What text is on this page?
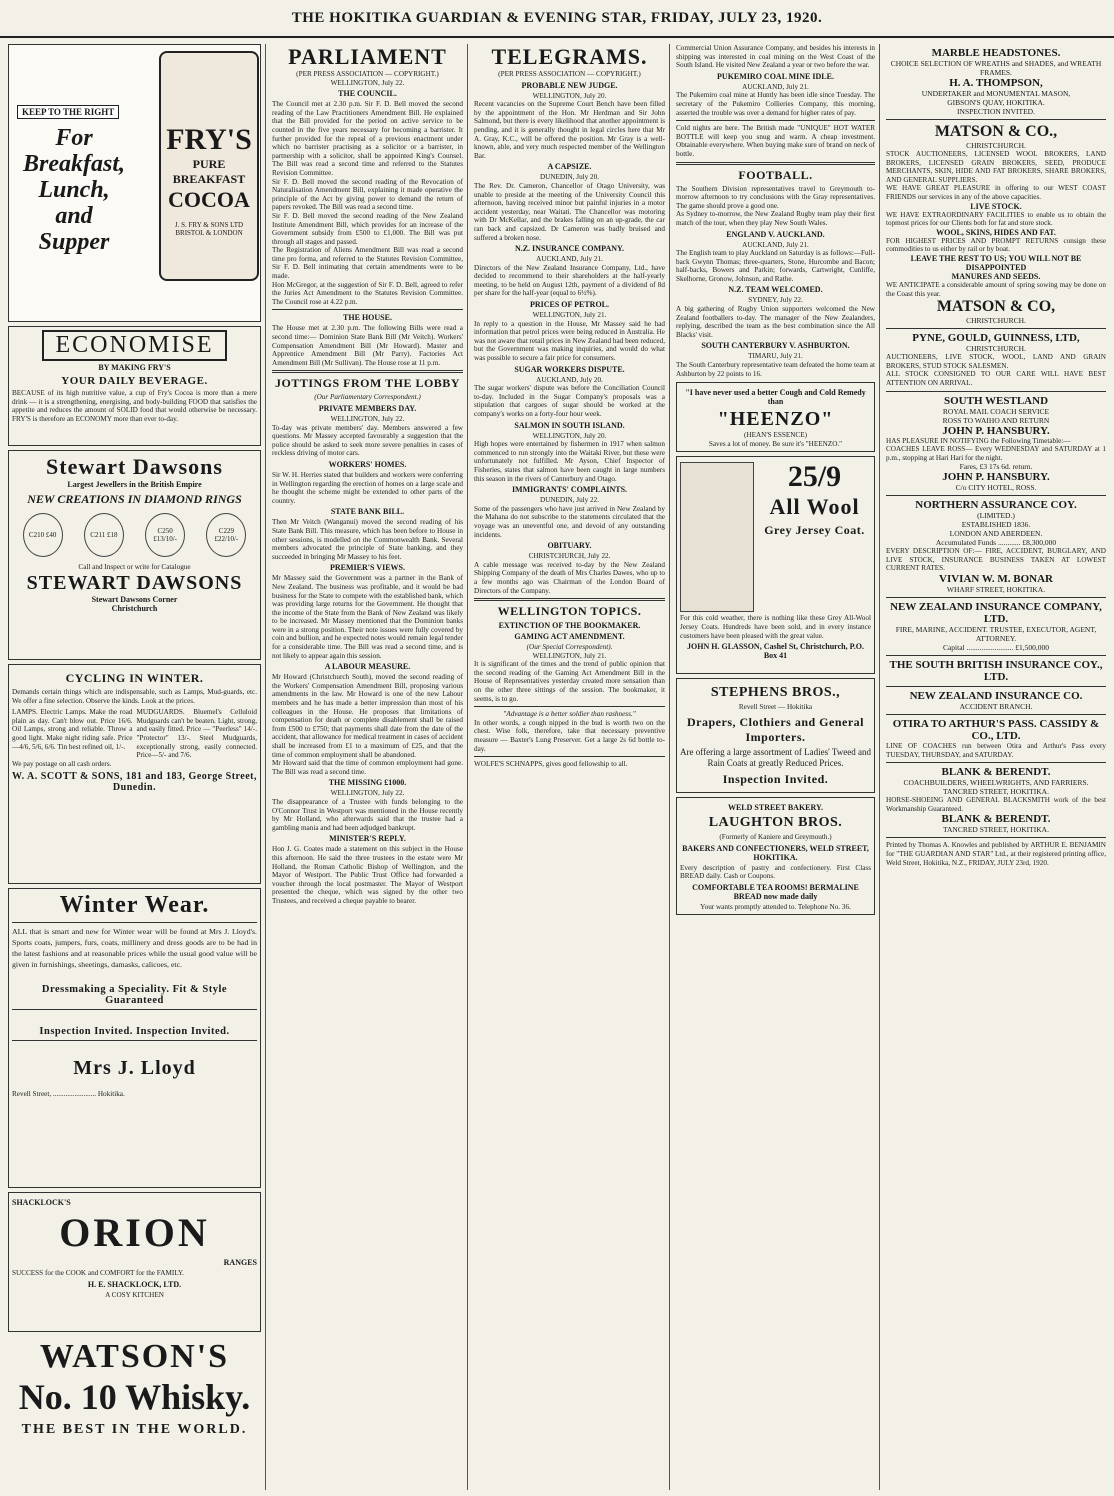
THE HOKITIKA GUARDIAN & EVENING STAR, FRIDAY, JULY 23, 1920.
KEEP TO THE RIGHT
For Breakfast, Lunch, and Supper
FRY'S
PURE BREAKFAST
COCOA
J. S. FRY & SONS LTD BRISTOL & LONDON
ECONOMISE
BY MAKING FRY'S
YOUR DAILY BEVERAGE.

BECAUSE of its high nutritive value, a cup of Fry's Cocoa is more than a mere drink — it is a strengthening, energising, and body-building FOOD that satisfies the appetite and reduces the amount of SOLID food that would otherwise be necessary. FRY'S is therefore an ECONOMY more than ever to-day.

Stewart Dawsons
Largest Jewellers in the British Empire
NEW CREATIONS IN DIAMOND RINGS
C210 £40	C211 £18	C250 £13/10/-
C229 £22/10/-
Call and Inspect or write for Catalogue
STEWART DAWSONS
Stewart Dawsons Corner
Christchurch
CYCLING IN WINTER.

Demands certain things which are indispensable, such as Lamps, Mud-guards, etc. We offer a fine selection. Observe the kinds. Look at the prices.

LAMPS. Electric Lamps. Make the road plain as day. Can't blow out. Price 16/6. Oil Lamps, strong and reliable. Throw a good light. Make night riding safe. Price—4/6, 5/6, 6/6. Tin best refined oil, 1/-.

MUDGUARDS. Bluemel's Celluloid Mudguards can't be beaten. Light, strong, and easily fitted. Price — "Peerless" 14/-. "Protector" 13/-. Steel Mudguards, exceptionally strong, easily connected. Price—5/- and 7/6.

We pay postage on all cash orders.

W. A. SCOTT & SONS, 181 and 183, George Street, Dunedin.
Winter Wear.

ALL that is smart and new for Winter wear will be found at Mrs J. Lloyd's. Sports coats, jumpers, furs, coats, millinery and dress goods are to be had in the latest fashions and at reasonable prices while the usual good value will be given in furnishings, sheetings, damasks, calicoes, etc.

Dressmaking a Speciality. Fit & Style Guaranteed
Inspection Invited. Inspection Invited.
Mrs J. Lloyd
Revell Street, ........................ Hokitika.
SHACKLOCK'S
ORION
RANGES

SUCCESS for the COOK and COMFORT for the FAMILY.

H. E. SHACKLOCK, LTD.
A COSY KITCHEN
WATSON'S
No. 10 Whisky.
THE BEST IN THE WORLD.
PARLIAMENT
(PER PRESS ASSOCIATION — COPYRIGHT.)
WELLINGTON, July 22.
THE COUNCIL.

The Council met at 2.30 p.m. Sir F. D. Bell moved the second reading of the Law Practitioners Amendment Bill. He explained that the Bill provided for the period on active service to be counted in the five years necessary for becoming a barrister. It further provided for the repeal of a previous enactment under which no barrister practising as a solicitor or a barrister, in partnership with a solicitor, shall be appointed King's Counsel. The Bill was read a second time and referred to the Statutes Revision Committee.

Sir F. D. Bell moved the second reading of the Revocation of Naturalisation Amendment Bill, explaining it made operative the principle of the Act by giving power to demand the return of papers revoked. The Bill was read a second time.

Sir F. D. Bell moved the second reading of the New Zealand Institute Amendment Bill, which provides for an increase of the Government subsidy from £500 to £1,000. The Bill was put through all stages and passed.

The Registration of Aliens Amendment Bill was read a second time pro forma, and referred to the Statutes Revision Committee, Sir F. D. Bell intimating that certain amendments were to be made.

Hon McGregor, at the suggestion of Sir F. D. Bell, agreed to refer the Juries Act Amendment to the Statutes Revision Committee. The Council rose at 4.22 p.m.

THE HOUSE.

The House met at 2.30 p.m. The following Bills were read a second time:— Dominion State Bank Bill (Mr Veitch). Workers' Compensation Amendment Bill (Mr Howard). Master and Apprentice Amendment Bill (Mr Parry). Factories Act Amendment Bill (Mr Sullivan). The House rose at 11 p.m.

JOTTINGS FROM THE LOBBY
(Our Parliamentary Correspondent.)
PRIVATE MEMBERS DAY.
WELLINGTON, July 22.

To-day was private members' day. Members answered a few questions. Mr Massey accepted favourably a suggestion that the police should be asked to seek more severe penalties in cases of reckless driving of motor cars.

WORKERS' HOMES.

Sir W. H. Herries stated that builders and workers were conferring in Wellington regarding the erection of homes on a large scale and he thought the scheme might be extended to other parts of the country.

STATE BANK BILL.

Then Mr Veitch (Wanganui) moved the second reading of his State Bank Bill. This measure, which has been before to House in other sessions, is modelled on the Commonwealth Bank. Several members advocated the principle of State banking, and they succeeded in bringing Mr Massey to his feet.

PREMIER'S VIEWS.

Mr Massey said the Government was a partner in the Bank of New Zealand. The business was profitable, and it would be bad business for the State to compete with the established bank, which was providing large returns for the Government. He thought that the income of the State from the Bank of New Zealand was likely to be increased. Mr Massey mentioned that the Dominion banks were in a strong position. Their note issues were fully covered by coin and bullion, and he expected notes would remain legal tender for a considerable time. The Bill was read a second time, and is not likely to appear again this session.

A LABOUR MEASURE.

Mr Howard (Christchurch South), moved the second reading of the Workers' Compensation Amendment Bill, proposing various amendments in the law. Mr Howard is one of the new Labour members and he has made a better impression than most of his colleagues in the House. He proposes that limitations of compensation for death or complete disablement shall be raised from £500 to £750; that payments shall date from the date of the accident, that allowance for medical treatment in cases of accident shall be increased from £1 to a maximum of £25, and that the time of common employment shall be abandoned.

Mr Howard said that the time of common employment had gone. The Bill was read a second time.

THE MISSING £1000.
WELLINGTON, July 22.

The disappearance of a Trustee with funds belonging to the O'Connor Trust in Westport was mentioned in the House recently by Mr Holland, who afterwards said that the trustee had a gambling mania and had been adjudged bankrupt.

MINISTER'S REPLY.

Hon J. G. Coates made a statement on this subject in the House this afternoon. He said the three trustees in the estate were Mr Holland, the Roman Catholic Bishop of Wellington, and the Mayor of Westport. The Public Trust Office had forwarded a voucher through the local postmaster. The Mayor of Westport presented the cheque, which was signed by the other two Trustees, and received a cheque payable to bearer.

TELEGRAMS.
(PER PRESS ASSOCIATION — COPYRIGHT.)
PROBABLE NEW JUDGE.
WELLINGTON, July 20.

Recent vacancies on the Supreme Court Bench have been filled by the appointment of the Hon. Mr Herdman and Sir John Salmond, but there is every likelihood that another appointment is pending, and it is generally thought in legal circles here that Mr A. Gray, K.C., will be offered the position. Mr Gray is a well-known, able, and very much respected member of the Wellington Bar.

A CAPSIZE.
DUNEDIN, July 20.

The Rev. Dr. Cameron, Chancellor of Otago University, was unable to preside at the meeting of the University Council this afternoon, having received minor but painful injuries in a motor accident yesterday, near Waitati. The Chancellor was motoring with Dr McKellar, and the brakes falling on an up-grade, the car ran back and capsized. Dr Cameron was badly bruised and suffered a broken nose.

N.Z. INSURANCE COMPANY.
AUCKLAND, July 21.

Directors of the New Zealand Insurance Company, Ltd., have decided to recommend to their shareholders at the half-yearly meeting, to be held on August 12th, payment of a dividend of 8d per share for the half-year (equal to 6½%).

PRICES OF PETROL.
WELLINGTON, July 21.

In reply to a question in the House, Mr Massey said he had information that petrol prices were being reduced in Australia. He was not aware that retail prices in New Zealand had been reduced, but the Government was making inquiries, and would do what was possible to secure a fair price for consumers.

SUGAR WORKERS DISPUTE.
AUCKLAND, July 20.

The sugar workers' dispute was before the Conciliation Council to-day. Included in the Sugar Company's proposals was a stipulation that cargoes of sugar should be worked at the company's works on a forty-four hour week.

SALMON IN SOUTH ISLAND.
WELLINGTON, July 20.

High hopes were entertained by fishermen in 1917 when salmon commenced to run strongly into the Waitaki River, but these were unfortunately not fulfilled. Mr Ayson, Chief Inspector of Fisheries, states that salmon have been caught in large numbers this season in the rivers of Canterbury and Otago.

IMMIGRANTS' COMPLAINTS.
DUNEDIN, July 22.

Some of the passengers who have just arrived in New Zealand by the Mahana do not subscribe to the statements circulated that the voyage was an uneventful one, and devoid of any outstanding incidents.

OBITUARY.
CHRISTCHURCH, July 22.

A cable message was received to-day by the New Zealand Shipping Company of the death of Mrs Charles Dawes, who up to a few months ago was Chairman of the London Board of Directors of the Company.

WELLINGTON TOPICS.
EXTINCTION OF THE BOOKMAKER.
GAMING ACT AMENDMENT.
(Our Special Correspondent).
WELLINGTON, July 21.

It is significant of the times and the trend of public opinion that the second reading of the Gaming Act Amendment Bill in the House of Representatives yesterday created more sensation than on the other three sittings of the session. The bookmaker, it seems, is to go.

"Advantage is a better soldier than rashness."

In other words, a cough nipped in the bud is worth two on the chest. Wise folk, therefore, take that necessary preventive measure — Baxter's Lung Preserver. Get a large 2s 6d bottle to-day.

WOLFE'S SCHNAPPS, gives good fellowship to all.

Commercial Union Assurance Company, and besides his interests in shipping was interested in coal mining on the West Coast of the South Island. He visited New Zealand a year or two before the war.

PUKEMIRO COAL MINE IDLE.
AUCKLAND, July 21.

The Pukemiro coal mine at Huntly has been idle since Tuesday. The secretary of the Pukemiro Collieries Company, this morning, asserted the trouble was over a demand for higher rates of pay.

Cold nights are here. The British made "UNIQUE" HOT WATER BOTTLE will keep you snug and warm. A cheap investment. Obtainable everywhere. When buying make sure of brand on neck of bottle.

FOOTBALL.

The Southern Division representatives travel to Greymouth to-morrow afternoon to try conclusions with the Gray representatives. The game should prove a good one.

As Sydney to-morrow, the New Zealand Rugby team play their first match of the tour, when they play New South Wales.

ENGLAND V. AUCKLAND.
AUCKLAND, July 21.

The English team to play Auckland on Saturday is as follows:—Full-back Gwynn Thomas; three-quarters, Stone, Hurcombe and Bacon; half-backs, Bowers and Parkin; forwards, Cartwright, Cunliffe, Skelhorne, Gronow, Johnson, and Rathe.

N.Z. TEAM WELCOMED.
SYDNEY, July 22.

A big gathering of Rugby Union supporters welcomed the New Zealand footballers to-day. The manager of the New Zealanders, replying, described the team as the best combination since the All Blacks' visit.

SOUTH CANTERBURY V. ASHBURTON.
TIMARU, July 21.

The South Canterbury representative team defeated the home team at Ashburton by 22 points to 16.

"I have never used a better Cough and Cold Remedy than
"HEENZO"
(HEAN'S ESSENCE)
Saves a lot of money. Be sure it's "HEENZO."
25/9
All Wool
Grey Jersey Coat.

For this cold weather, there is nothing like these Grey All-Wool Jersey Coats. Hundreds have been sold, and in every instance customers have been pleased with the great value.

JOHN H. GLASSON, Cashel St, Christchurch, P.O. Box 41
STEPHENS BROS.,
Revell Street — Hokitika
Drapers, Clothiers and General Importers.
Are offering a large assortment of Ladies' Tweed and Rain Coats at greatly Reduced Prices.
Inspection Invited.
WELD STREET BAKERY.
LAUGHTON BROS.
(Formerly of Kaniere and Greymouth.)
BAKERS AND CONFECTIONERS, WELD STREET, HOKITIKA.

Every description of pastry and confectionery. First Class BREAD daily. Cash or Coupons.

COMFORTABLE TEA ROOMS! BERMALINE BREAD now made daily
Your wants promptly attended to. Telephone No. 36.
MARBLE HEADSTONES.
CHOICE SELECTION OF WREATHS and SHADES, and WREATH FRAMES.
H. A. THOMPSON,
UNDERTAKER and MONUMENTAL MASON,
GIBSON'S QUAY, HOKITIKA.
INSPECTION INVITED.
MATSON & CO.,
CHRISTCHURCH.

STOCK AUCTIONEERS, LICENSED WOOL BROKERS, LAND BROKERS, LICENSED GRAIN BROKERS, SEED, PRODUCE MERCHANTS, SKIN, HIDE AND FAT BROKERS, SHARE BROKERS, AND GENERAL SUPPLIERS.

WE HAVE GREAT PLEASURE in offering to our WEST COAST FRIENDS our services in any of the above capacities.

LIVE STOCK.

WE HAVE EXTRAORDINARY FACILITIES to enable us to obtain the topmost prices for our Clients both for fat and store stock.

WOOL, SKINS, HIDES AND FAT.

FOR HIGHEST PRICES AND PROMPT RETURNS consign these commodities to us either by rail or by boat.

LEAVE THE REST TO US; YOU WILL NOT BE DISAPPOINTED
MANURES AND SEEDS.

WE ANTICIPATE a considerable amount of spring sowing may be done on the Coast this year.

MATSON & CO,
CHRISTCHURCH.
PYNE, GOULD, GUINNESS, LTD,
CHRISTCHURCH.

AUCTIONEERS, LIVE STOCK, WOOL, LAND AND GRAIN BROKERS, STUD STOCK SALESMEN.

ALL STOCK CONSIGNED TO OUR CARE WILL HAVE BEST ATTENTION ON ARRIVAL.

SOUTH WESTLAND
ROYAL MAIL COACH SERVICE
ROSS TO WAIHO AND RETURN
JOHN P. HANSBURY.

HAS PLEASURE IN NOTIFYING the Following Timetable:—

COACHES LEAVE ROSS— Every WEDNESDAY and SATURDAY at 1 p.m., stopping at Hari Hari for the night.

Fares, £3 17s 6d. return.
JOHN P. HANSBURY.
C/o CITY HOTEL, ROSS.
NORTHERN ASSURANCE COY.
(LIMITED.)
ESTABLISHED 1836.
LONDON AND ABERDEEN.
Accumulated Funds ............ £8,300,000

EVERY DESCRIPTION OF:— FIRE, ACCIDENT, BURGLARY, AND LIVE STOCK, INSURANCE BUSINESS TAKEN AT LOWEST CURRENT RATES.

VIVIAN W. M. BONAR
WHARF STREET, HOKITIKA.
NEW ZEALAND INSURANCE COMPANY, LTD.
FIRE, MARINE, ACCIDENT. TRUSTEE, EXECUTOR, AGENT, ATTORNEY.
Capital ......................... £1,500,000
THE SOUTH BRITISH INSURANCE COY., LTD.
NEW ZEALAND INSURANCE CO.
ACCIDENT BRANCH.
OTIRA TO ARTHUR'S PASS. CASSIDY & CO., LTD.

LINE OF COACHES run between Otira and Arthur's Pass every TUESDAY, THURSDAY, and SATURDAY.

BLANK & BERENDT.
COACHBUILDERS, WHEELWRIGHTS, AND FARRIERS.
TANCRED STREET, HOKITIKA.

HORSE-SHOEING AND GENERAL BLACKSMITH work of the best Workmanship Guaranteed.

BLANK & BERENDT.
TANCRED STREET, HOKITIKA.

Printed by Thomas A. Knowles and published by ARTHUR E. BENJAMIN for "THE GUARDIAN AND STAR" Ltd., at their registered printing office, Weld Street, Hokitika, N.Z., FRIDAY, JULY 23rd, 1920.
